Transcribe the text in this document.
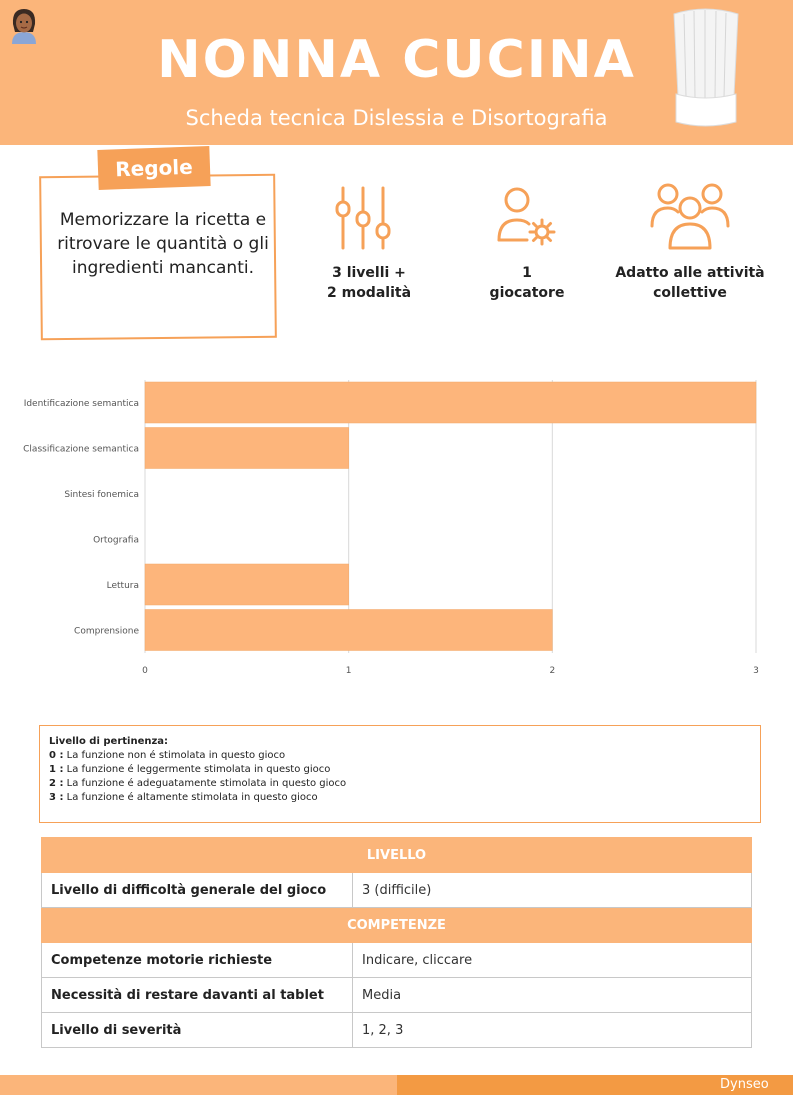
NONNA CUCINA
Scheda tecnica Dislessia e Disortografia
Regole
Memorizzare la ricetta e ritrovare le quantità o gli ingredienti mancanti.	3 livelli +
2 modalità
1
giocatore
Adatto alle attività
collettive
0	1	2	3
Identificazione semantica
Classificazione semantica
Sintesi fonemica
Ortografia
Lettura
Comprensione
Livello di pertinenza:
0 : La funzione non é stimolata in questo gioco
1 : La funzione é leggermente stimolata in questo gioco
2 : La funzione é adeguatamente stimolata in questo gioco
3 : La funzione é altamente stimolata in questo gioco
LIVELLO	
Livello di difficoltà generale del gioco	3 (difficile)
COMPETENZE	
Competenze motorie richieste	Indicare, cliccare
Necessità di restare davanti al tablet	Media
Livello di severità	1, 2, 3
Dynseo
